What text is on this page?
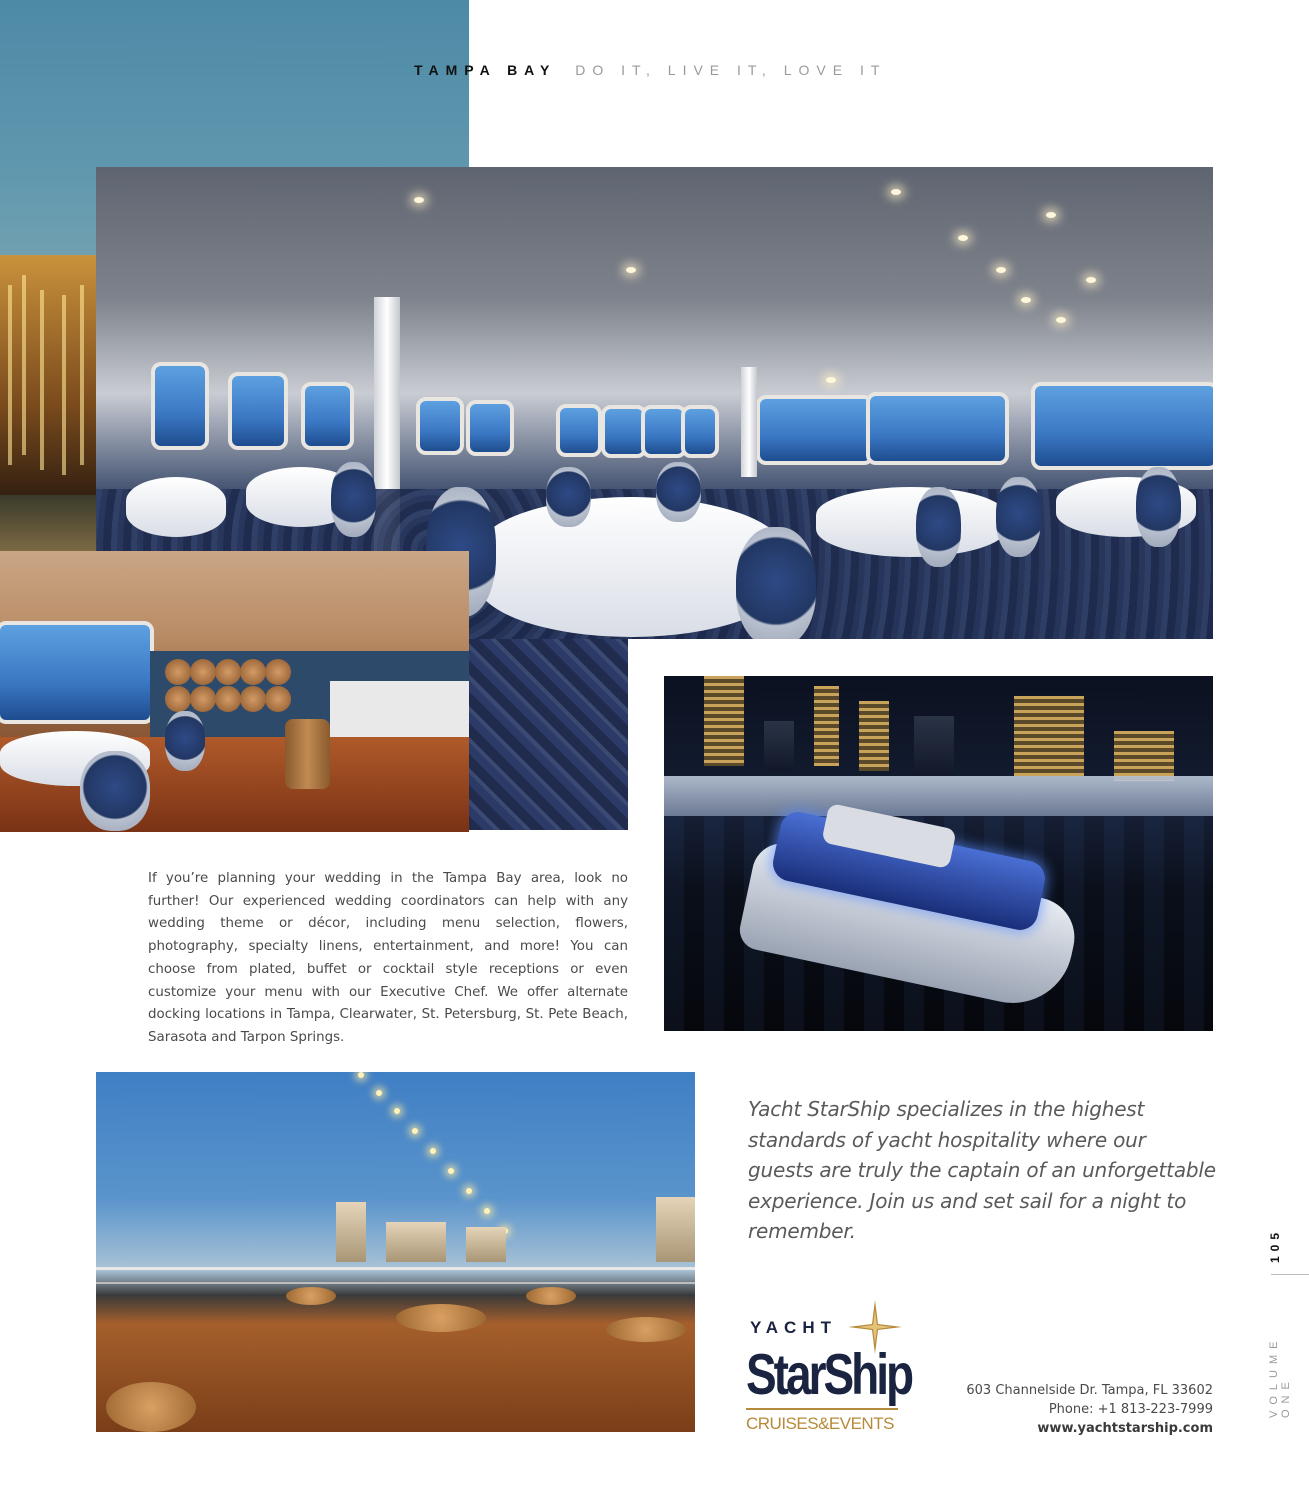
TAMPA BAY DO IT, LIVE IT, LOVE IT

If you’re planning your wedding in the Tampa Bay area, look no further! Our experienced wedding coordinators can help with any wedding theme or décor, including menu selection, flowers, photography, specialty linens, entertainment, and more! You can choose from plated, buffet or cocktail style receptions or even customize your menu with our Executive Chef. We offer alternate docking locations in Tampa, Clearwater, St. Petersburg, St. Pete Beach, Sarasota and Tarpon Springs.

Yacht StarShip specializes in the highest standards of yacht hospitality where our guests are truly the captain of an unforgettable experience. Join us and set sail for a night to remember.

YACHT
StarShip
CRUISES&EVENTS
603 Channelside Dr. Tampa, FL 33602
Phone: +1 813-223-7999
www.yachtstarship.com
105
VOLUME ONE
